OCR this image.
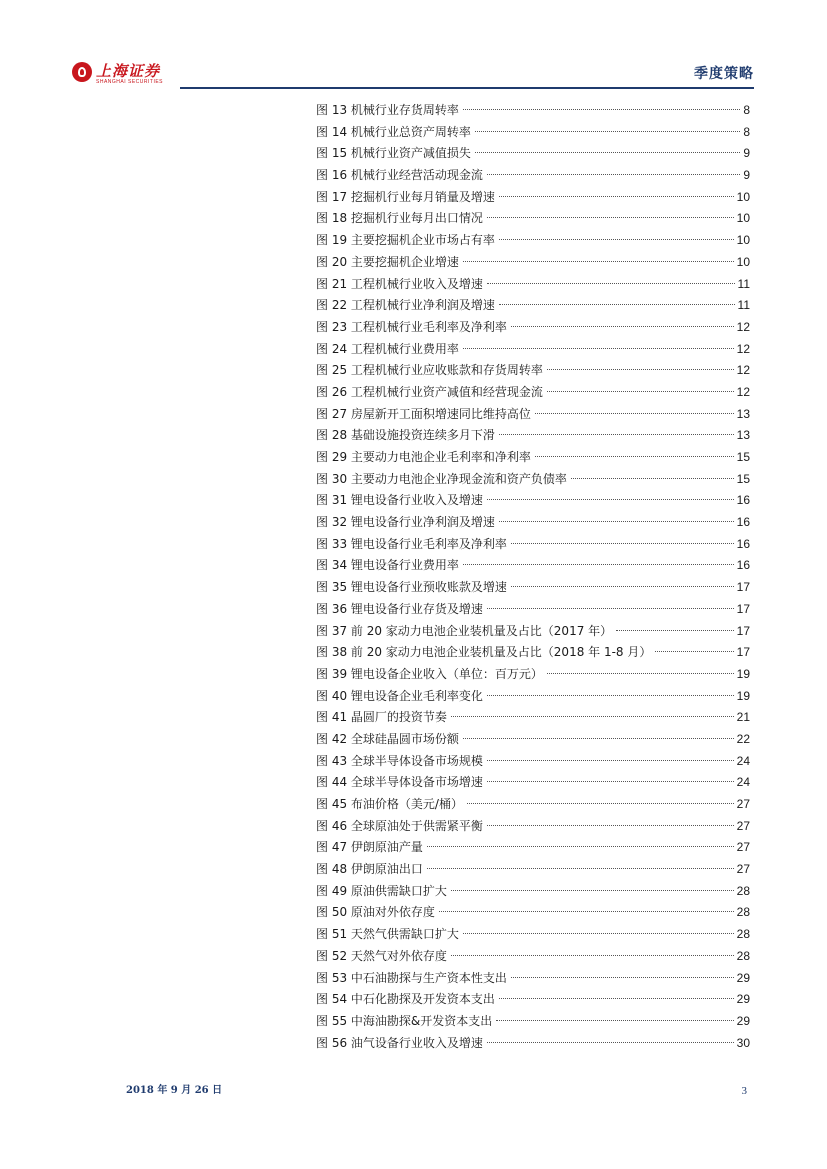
上海证券
SHANGHAI SECURITIES	季度策略
图 13 机械行业存货周转率	8
图 14 机械行业总资产周转率	8
图 15 机械行业资产减值损失	9
图 16 机械行业经营活动现金流	9
图 17 挖掘机行业每月销量及增速	10
图 18 挖掘机行业每月出口情况	10
图 19 主要挖掘机企业市场占有率	10
图 20 主要挖掘机企业增速	10
图 21 工程机械行业收入及增速	11
图 22 工程机械行业净利润及增速	11
图 23 工程机械行业毛利率及净利率	12
图 24 工程机械行业费用率	12
图 25 工程机械行业应收账款和存货周转率	12
图 26 工程机械行业资产减值和经营现金流	12
图 27 房屋新开工面积增速同比维持高位	13
图 28 基础设施投资连续多月下滑	13
图 29 主要动力电池企业毛利率和净利率	15
图 30 主要动力电池企业净现金流和资产负债率	15
图 31 锂电设备行业收入及增速	16
图 32 锂电设备行业净利润及增速	16
图 33 锂电设备行业毛利率及净利率	16
图 34 锂电设备行业费用率	16
图 35 锂电设备行业预收账款及增速	17
图 36 锂电设备行业存货及增速	17
图 37 前 20 家动力电池企业装机量及占比（2017 年）	17
图 38 前 20 家动力电池企业装机量及占比（2018 年 1-8 月）	17
图 39 锂电设备企业收入（单位：百万元）	19
图 40 锂电设备企业毛利率变化	19
图 41 晶圆厂的投资节奏	21
图 42 全球硅晶圆市场份额	22
图 43 全球半导体设备市场规模	24
图 44 全球半导体设备市场增速	24
图 45 布油价格（美元/桶）	27
图 46 全球原油处于供需紧平衡	27
图 47 伊朗原油产量	27
图 48 伊朗原油出口	27
图 49 原油供需缺口扩大	28
图 50 原油对外依存度	28
图 51 天然气供需缺口扩大	28
图 52 天然气对外依存度	28
图 53 中石油勘探与生产资本性支出	29
图 54 中石化勘探及开发资本支出	29
图 55 中海油勘探&开发资本支出	29
图 56 油气设备行业收入及增速	30
2018 年 9 月 26 日	3
